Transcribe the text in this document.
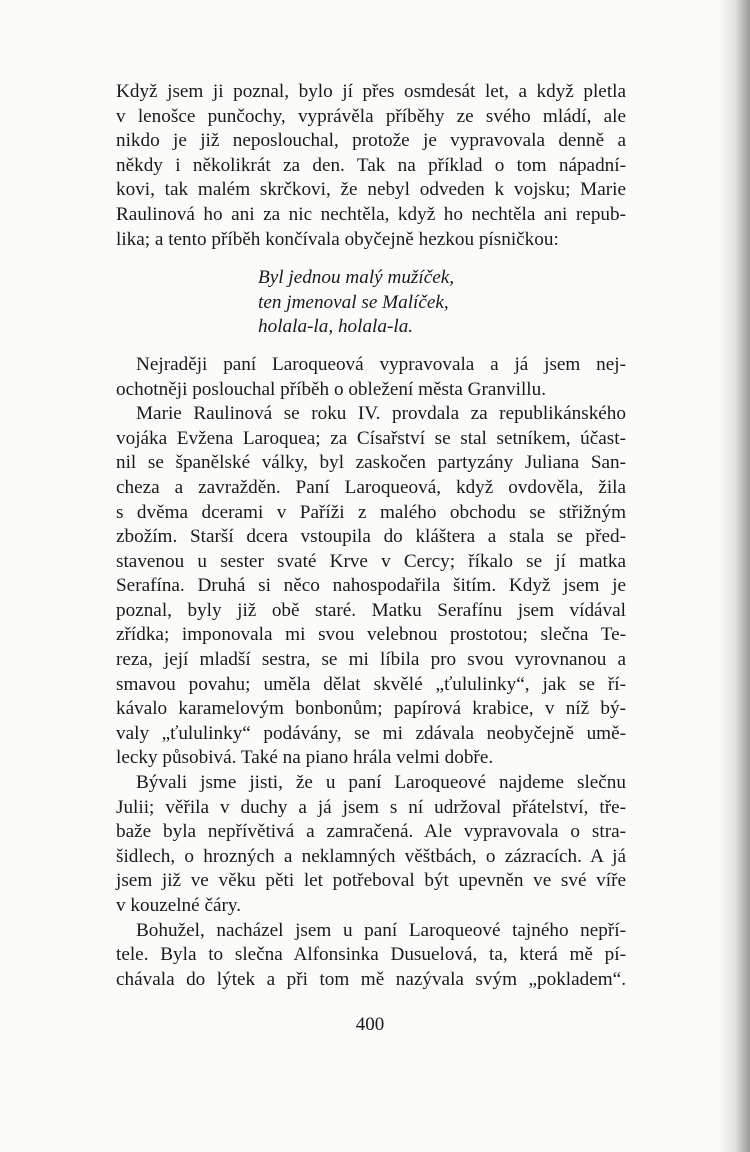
Když jsem ji poznal, bylo jí přes osmdesát let, a když pletla
v lenošce punčochy, vyprávěla příběhy ze svého mládí, ale
nikdo je již neposlouchal, protože je vypravovala denně a
někdy i několikrát za den. Tak na příklad o tom nápadní-
kovi, tak malém skrčkovi, že nebyl odveden k vojsku; Marie
Raulinová ho ani za nic nechtěla, když ho nechtěla ani repub-
lika; a tento příběh končívala obyčejně hezkou písničkou:
Byl jednou malý mužíček,
ten jmenoval se Malíček,
holala-la, holala-la.
Nejraději paní Laroqueová vypravovala a já jsem nej-
ochotněji poslouchal příběh o obležení města Granvillu.
Marie Raulinová se roku IV. provdala za republikánského
vojáka Evžena Laroquea; za Císařství se stal setníkem, účast-
nil se španělské války, byl zaskočen partyzány Juliana San-
cheza a zavražděn. Paní Laroqueová, když ovdověla, žila
s dvěma dcerami v Paříži z malého obchodu se střižným
zbožím. Starší dcera vstoupila do kláštera a stala se před-
stavenou u sester svaté Krve v Cercy; říkalo se jí matka
Serafína. Druhá si něco nahospodařila šitím. Když jsem je
poznal, byly již obě staré. Matku Serafínu jsem vídával
zřídka; imponovala mi svou velebnou prostotou; slečna Te-
reza, její mladší sestra, se mi líbila pro svou vyrovnanou a
smavou povahu; uměla dělat skvělé „ťululinky“, jak se ří-
kávalo karamelovým bonbonům; papírová krabice, v níž bý-
valy „ťululinky“ podávány, se mi zdávala neobyčejně umě-
lecky působivá. Také na piano hrála velmi dobře.
Bývali jsme jisti, že u paní Laroqueové najdeme slečnu
Julii; věřila v duchy a já jsem s ní udržoval přátelství, tře-
baže byla nepřívětivá a zamračená. Ale vypravovala o stra-
šidlech, o hrozných a neklamných věštbách, o zázracích. A já
jsem již ve věku pěti let potřeboval být upevněn ve své víře
v kouzelné čáry.
Bohužel, nacházel jsem u paní Laroqueové tajného nepří-
tele. Byla to slečna Alfonsinka Dusuelová, ta, která mě pí-
chávala do lýtek a při tom mě nazývala svým „pokladem“.
400
